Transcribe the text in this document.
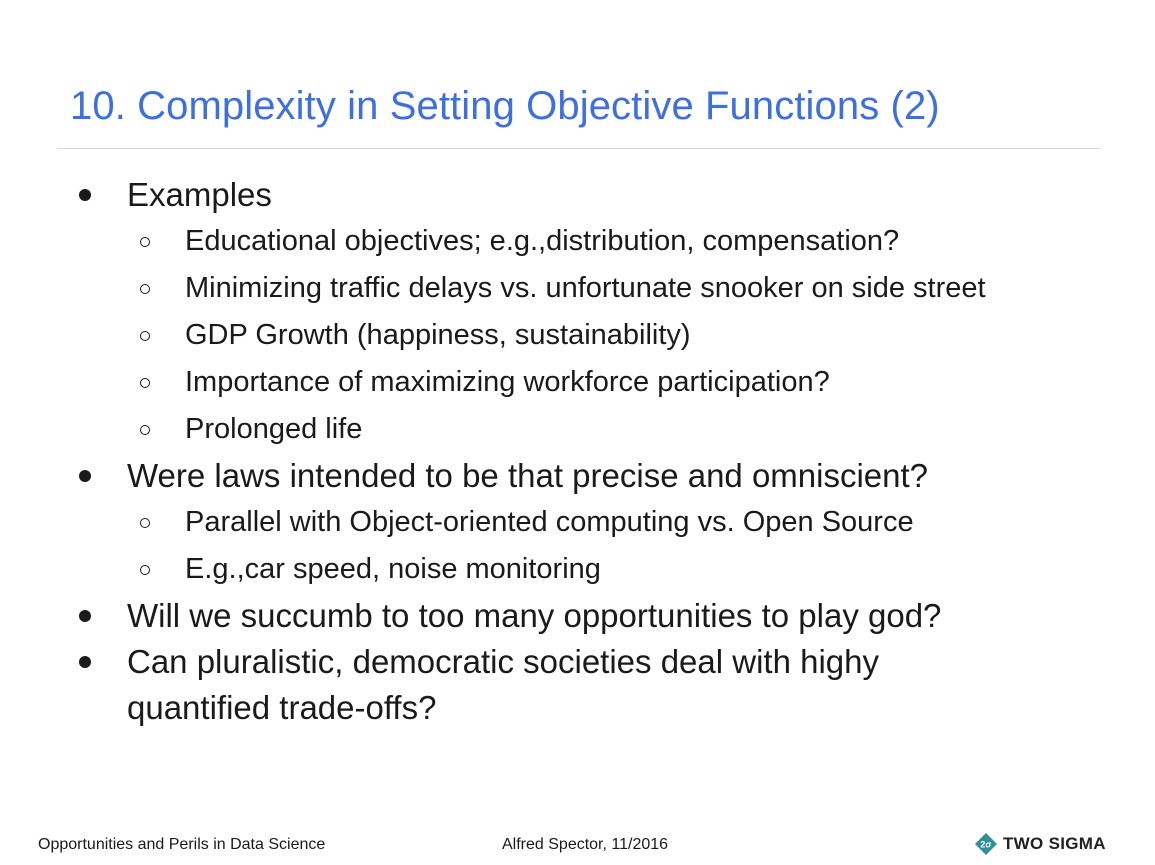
10. Complexity in Setting Objective Functions (2)
Examples
Educational objectives; e.g.,distribution, compensation?
Minimizing traffic delays vs. unfortunate snooker on side street
GDP Growth (happiness, sustainability)
Importance of maximizing workforce participation?
Prolonged life
Were laws intended to be that precise and omniscient?
Parallel with Object-oriented computing vs. Open Source
E.g.,car speed, noise monitoring
Will we succumb to too many opportunities to play god?
Can pluralistic, democratic societies deal with highy quantified trade-offs?
Opportunities and Perils in Data Science	Alfred Spector, 11/2016	2σ TWO SIGMA
